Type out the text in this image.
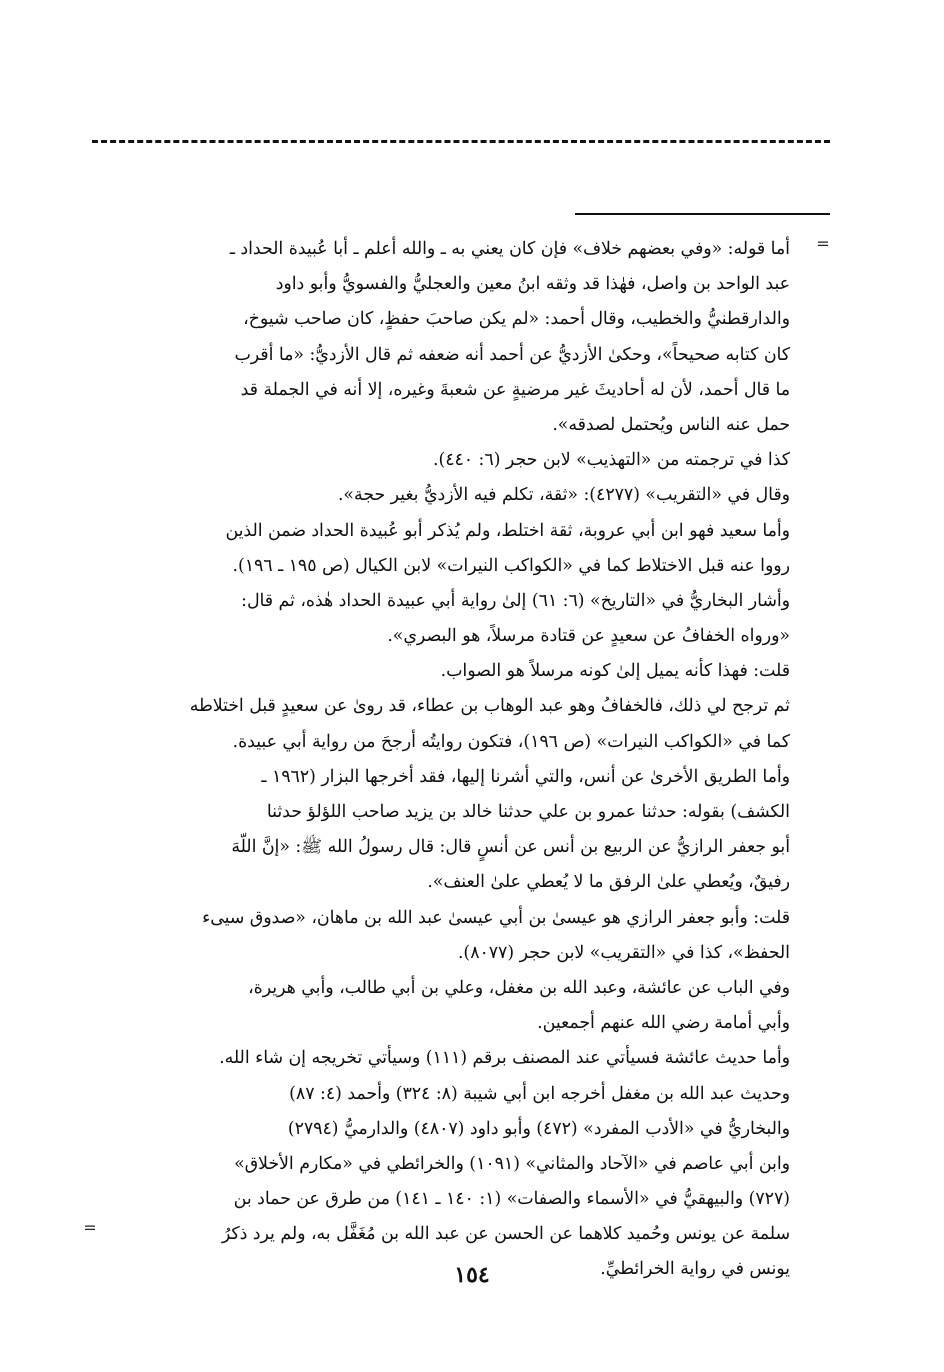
=
أما قوله: «وفي بعضهم خلاف» فإن كان يعني به ـ والله أعلم ـ أبا عُبيدة الحداد ـ
عبد الواحد بن واصل، فهٰذا قد وثقه ابنُ معين والعجليُّ والفسويُّ وأبو داود
والدارقطنيُّ والخطيب، وقال أحمد: «لم يكن صاحبَ حفظٍ، كان صاحب شيوخ،
كان كتابه صحيحاً»، وحكىٰ الأزديُّ عن أحمد أنه ضعفه ثم قال الأزديُّ: «ما أقرب
ما قال أحمد، لأن له أحاديثَ غير مرضيةٍ عن شعبةَ وغيره، إلا أنه في الجملة قد
حمل عنه الناس ويُحتمل لصدقه».
كذا في ترجمته من «التهذيب» لابن حجر (٦: ٤٤٠).
وقال في «التقريب» (٤٢٧٧): «ثقة، تكلم فيه الأزديُّ بغير حجة».
وأما سعيد فهو ابن أبي عروبة، ثقة اختلط، ولم يُذكر أبو عُبيدة الحداد ضمن الذين
رووا عنه قبل الاختلاط كما في «الكواكب النيرات» لابن الكيال (ص ١٩٥ ـ ١٩٦).
وأشار البخاريُّ في «التاريخ» (٦: ٦١) إلىٰ رواية أبي عبيدة الحداد هٰذه، ثم قال:
«ورواه الخفافُ عن سعيدٍ عن قتادة مرسلاً، هو البصري».
قلت: فهذا كأنه يميل إلىٰ كونه مرسلاً هو الصواب.
ثم ترجح لي ذلك، فالخفافُ وهو عبد الوهاب بن عطاء، قد روىٰ عن سعيدٍ قبل اختلاطه
كما في «الكواكب النيرات» (ص ١٩٦)، فتكون روايتُه أرجحَ من رواية أبي عبيدة.
وأما الطريق الأخرىٰ عن أنس، والتي أشرنا إليها، فقد أخرجها البزار (١٩٦٢ ـ
الكشف) بقوله: حدثنا عمرو بن علي حدثنا خالد بن يزيد صاحب اللؤلؤ حدثنا
أبو جعفر الرازيُّ عن الربيع بن أنس عن أنسٍ قال: قال رسولُ الله ﷺ: «إنَّ اللّهَ
رفيقٌ، ويُعطي علىٰ الرفق ما لا يُعطي علىٰ العنف».
قلت: وأبو جعفر الرازي هو عيسىٰ بن أبي عيسىٰ عبد الله بن ماهان، «صدوق سيىء
الحفظ»، كذا في «التقريب» لابن حجر (٨٠٧٧).
وفي الباب عن عائشة، وعبد الله بن مغفل، وعلي بن أبي طالب، وأبي هريرة،
وأبي أمامة رضي الله عنهم أجمعين.
وأما حديث عائشة فسيأتي عند المصنف برقم (١١١) وسيأتي تخريجه إن شاء الله.
وحديث عبد الله بن مغفل أخرجه ابن أبي شيبة (٨: ٣٢٤) وأحمد (٤: ٨٧)
والبخاريُّ في «الأدب المفرد» (٤٧٢) وأبو داود (٤٨٠٧) والدارميُّ (٢٧٩٤)
وابن أبي عاصم في «الآحاد والمثاني» (١٠٩١) والخرائطي في «مكارم الأخلاق»
(٧٢٧) والبيهقيُّ في «الأسماء والصفات» (١: ١٤٠ ـ ١٤١) من طرق عن حماد بن
سلمة عن يونس وحُميد كلاهما عن الحسن عن عبد الله بن مُغَفَّل به، ولم يرد ذكرُ
يونس في رواية الخرائطيِّ.
=
١٥٤
